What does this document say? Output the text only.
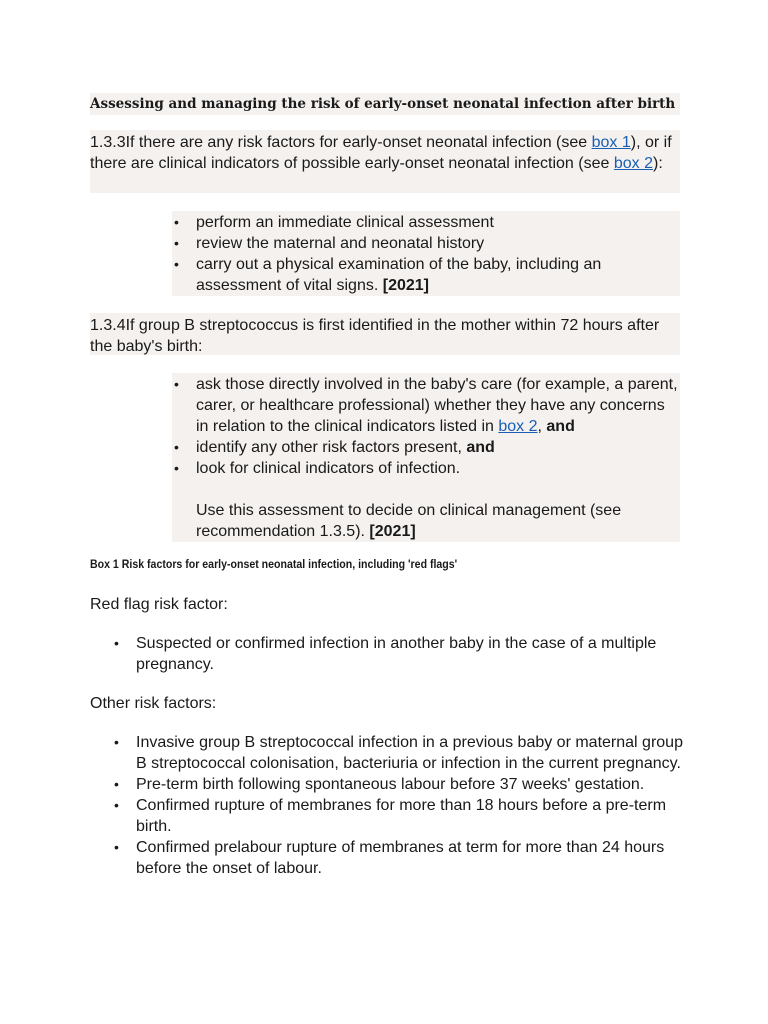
Assessing and managing the risk of early-onset neonatal infection after birth
1.3.3If there are any risk factors for early-onset neonatal infection (see box 1), or if there are clinical indicators of possible early-onset neonatal infection (see box 2):
• perform an immediate clinical assessment
• review the maternal and neonatal history
• carry out a physical examination of the baby, including an assessment of vital signs. [2021]
1.3.4If group B streptococcus is first identified in the mother within 72 hours after the baby's birth:
• ask those directly involved in the baby's care (for example, a parent, carer, or healthcare professional) whether they have any concerns in relation to the clinical indicators listed in box 2, and
• identify any other risk factors present, and
• look for clinical indicators of infection.
Use this assessment to decide on clinical management (see recommendation 1.3.5). [2021]
Box 1 Risk factors for early-onset neonatal infection, including 'red flags'
Red flag risk factor:
• Suspected or confirmed infection in another baby in the case of a multiple pregnancy.
Other risk factors:
• Invasive group B streptococcal infection in a previous baby or maternal group B streptococcal colonisation, bacteriuria or infection in the current pregnancy.
• Pre-term birth following spontaneous labour before 37 weeks' gestation.
• Confirmed rupture of membranes for more than 18 hours before a pre-term birth.
• Confirmed prelabour rupture of membranes at term for more than 24 hours before the onset of labour.
